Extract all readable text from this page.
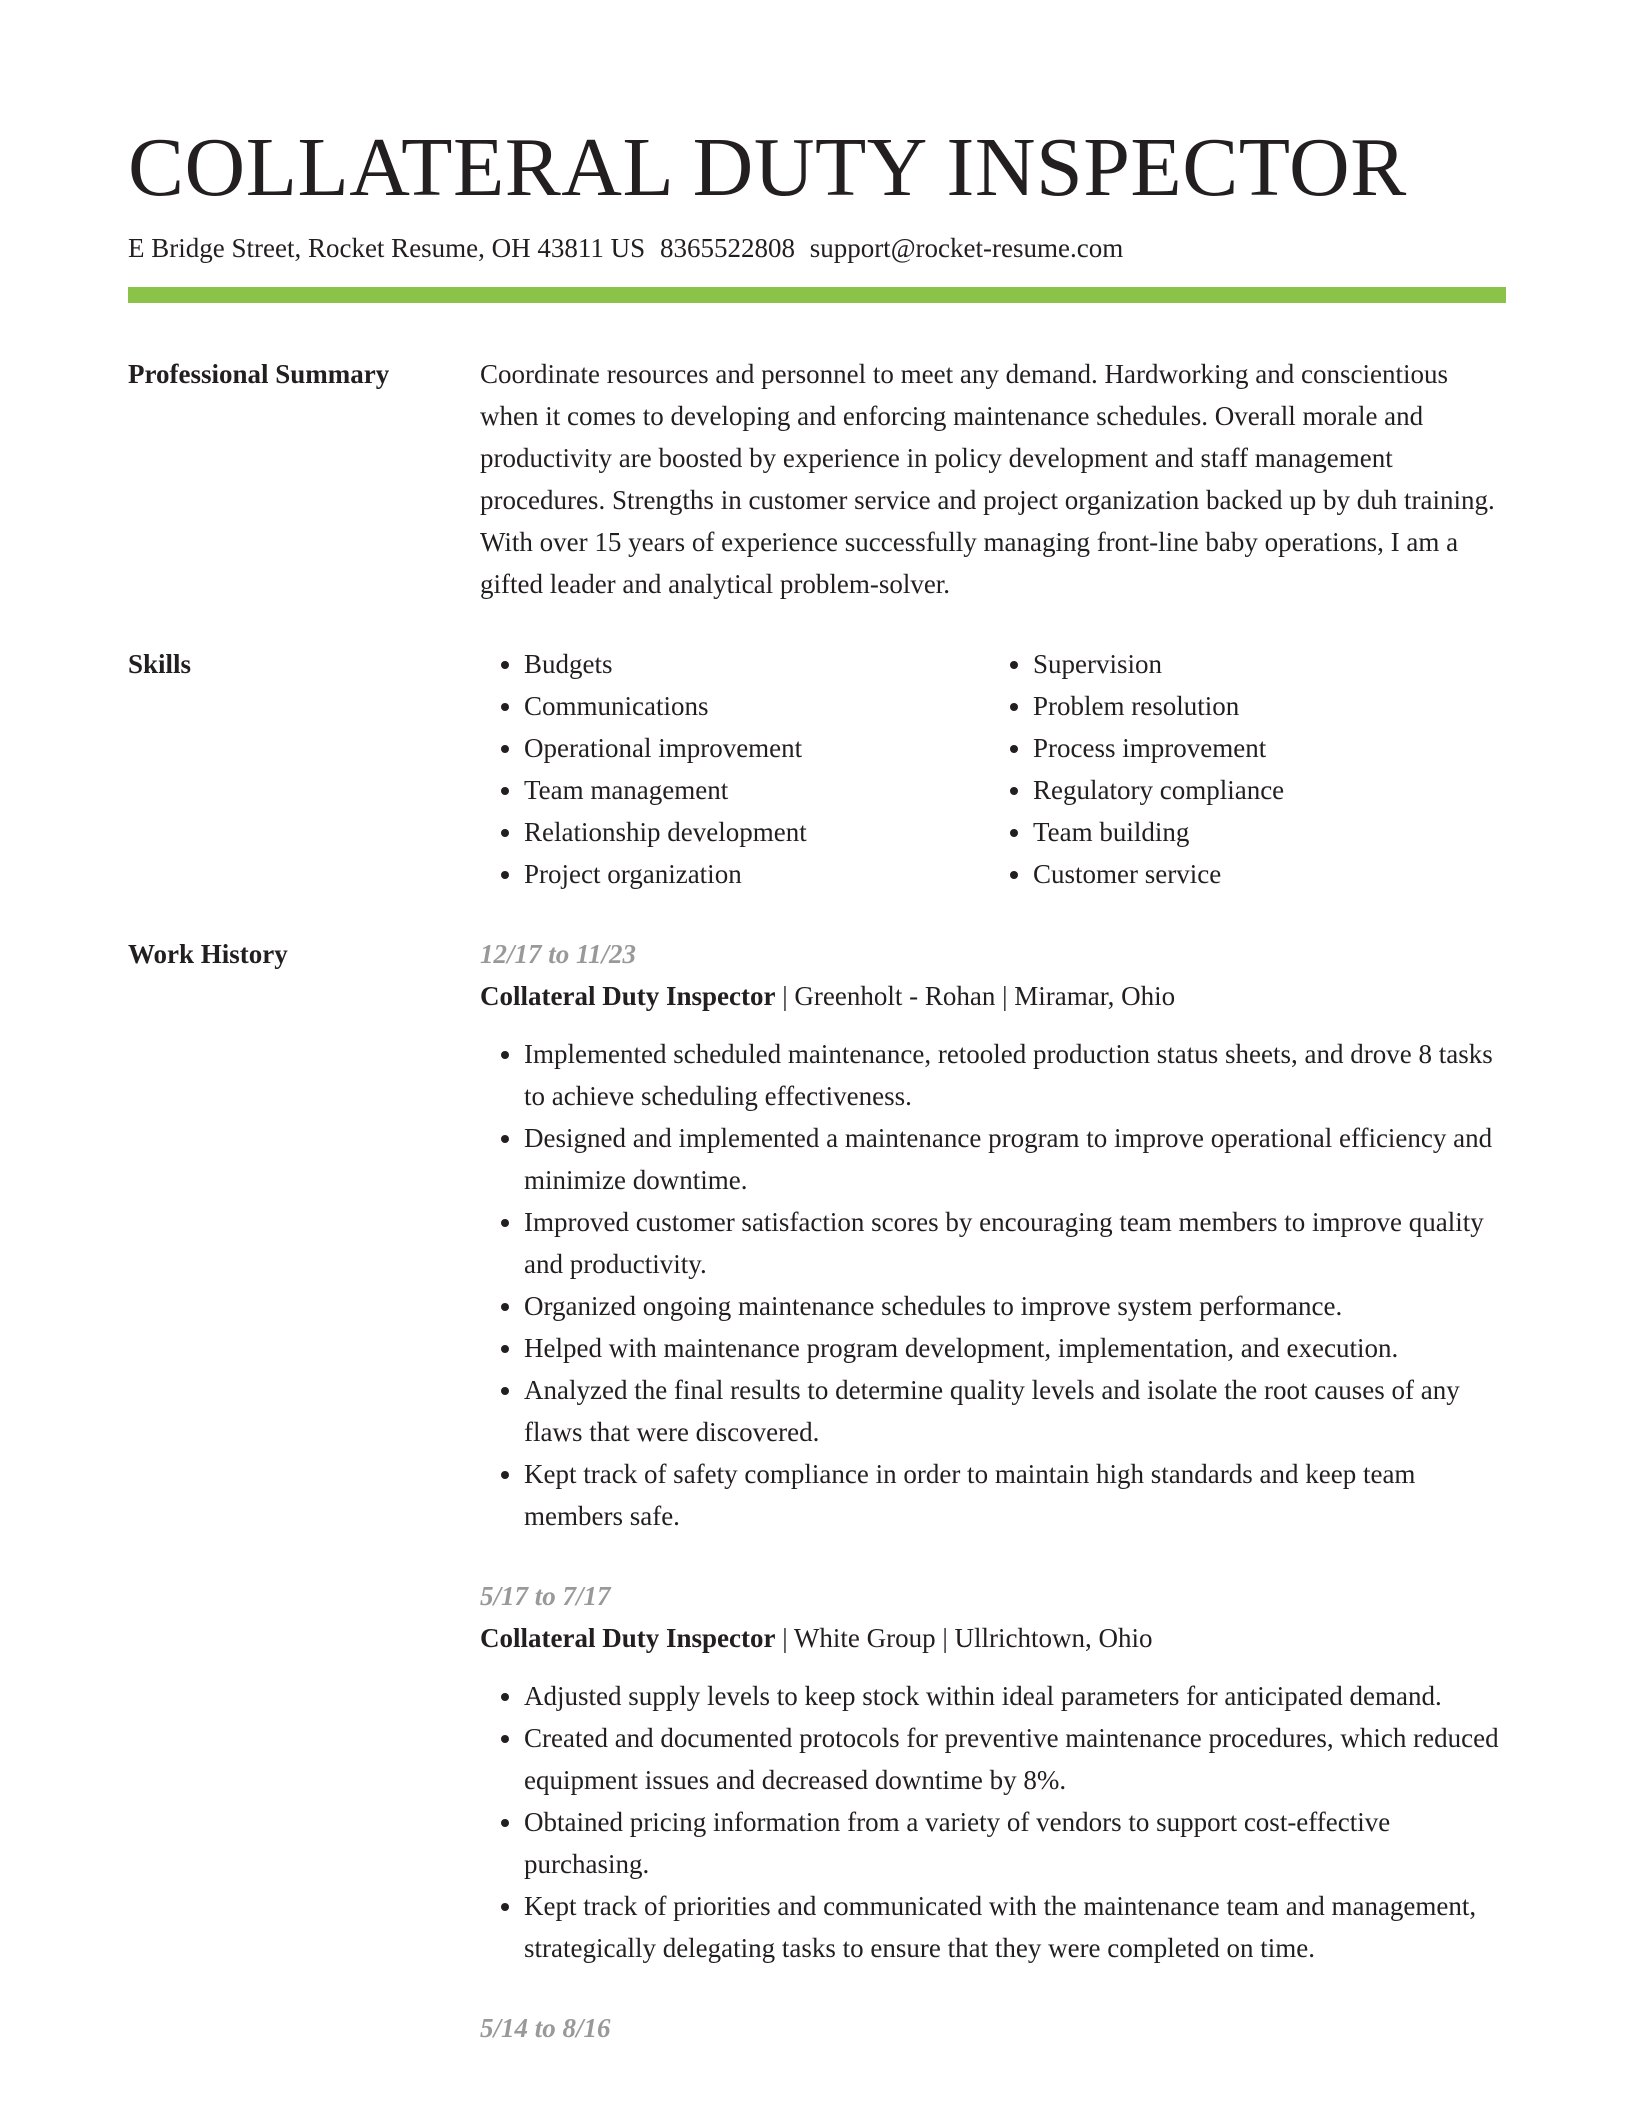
COLLATERAL DUTY INSPECTOR
E Bridge Street, Rocket Resume, OH 43811 US 8365522808 support@rocket-resume.com
Professional Summary	Coordinate resources and personnel to meet any demand. Hardworking and conscientious when it comes to developing and enforcing maintenance schedules. Overall morale and productivity are boosted by experience in policy development and staff management procedures. Strengths in customer service and project organization backed up by duh training. With over 15 years of experience successfully managing front-line baby operations, I am a gifted leader and analytical problem-solver.

Skills
•	Budgets
• Communications
• Operational improvement
• Team management
• Relationship development
• Project organization
• Supervision
• Problem resolution
• Process improvement
• Regulatory compliance
• Team building
• Customer service
Work History	12/17 to 11/23
Collateral Duty Inspector | Greenholt - Rohan | Miramar, Ohio
• Implemented scheduled maintenance, retooled production status sheets, and drove 8 tasks to achieve scheduling effectiveness.
• Designed and implemented a maintenance program to improve operational efficiency and minimize downtime.
• Improved customer satisfaction scores by encouraging team members to improve quality and productivity.
• Organized ongoing maintenance schedules to improve system performance.
• Helped with maintenance program development, implementation, and execution.
• Analyzed the final results to determine quality levels and isolate the root causes of any flaws that were discovered.
• Kept track of safety compliance in order to maintain high standards and keep team members safe.
5/17 to 7/17
Collateral Duty Inspector | White Group | Ullrichtown, Ohio
• Adjusted supply levels to keep stock within ideal parameters for anticipated demand.
• Created and documented protocols for preventive maintenance procedures, which reduced equipment issues and decreased downtime by 8%.
• Obtained pricing information from a variety of vendors to support cost-effective purchasing.
• Kept track of priorities and communicated with the maintenance team and management, strategically delegating tasks to ensure that they were completed on time.
5/14 to 8/16
